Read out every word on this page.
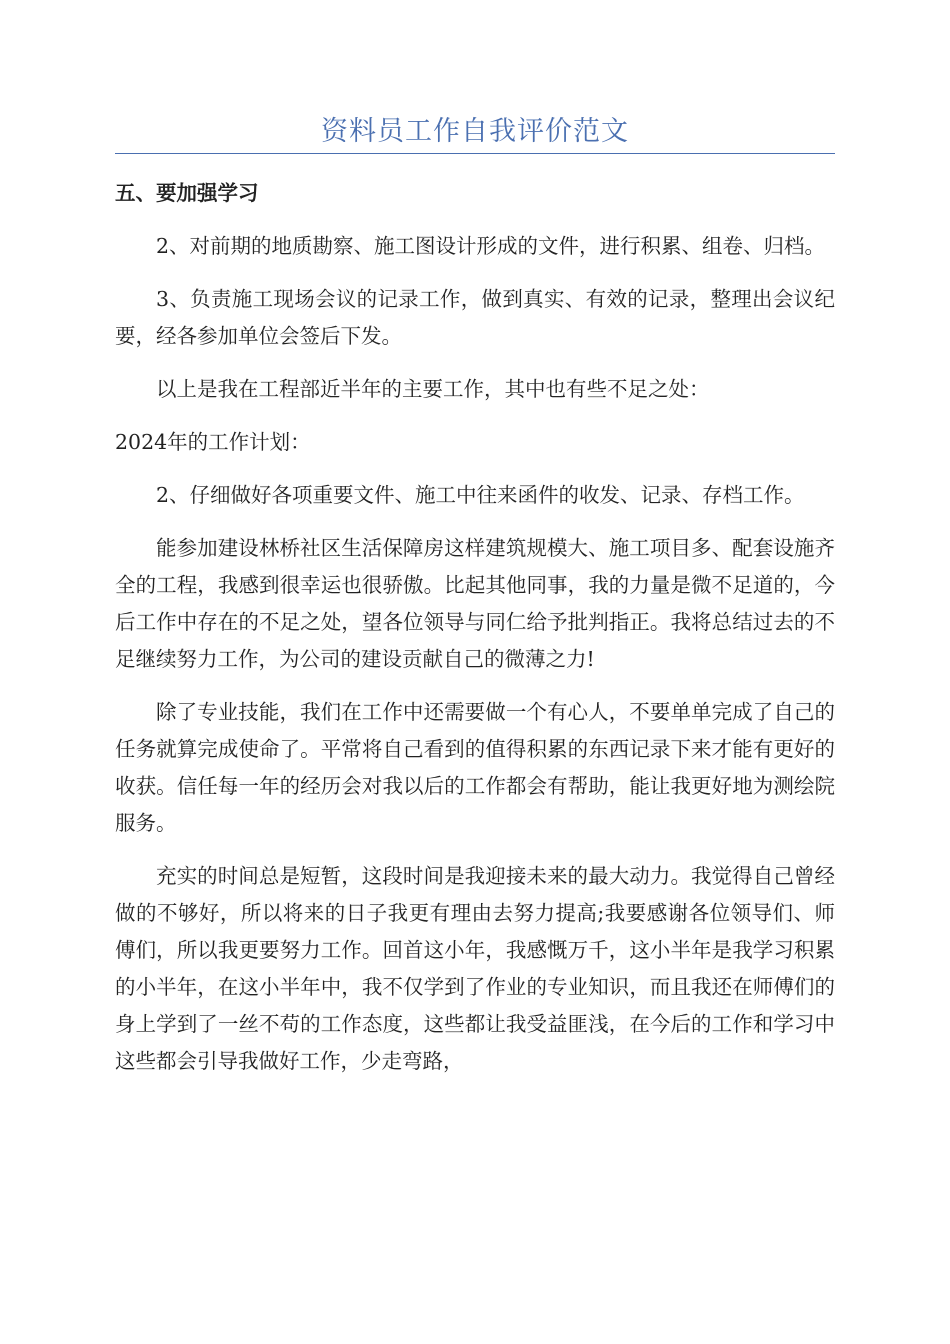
资料员工作自我评价范文

五、要加强学习

2、对前期的地质勘察、施工图设计形成的文件，进行积累、组卷、归档。

3、负责施工现场会议的记录工作，做到真实、有效的记录，整理出会议纪要，经各参加单位会签后下发。

以上是我在工程部近半年的主要工作，其中也有些不足之处：

2024年的工作计划：

2、仔细做好各项重要文件、施工中往来函件的收发、记录、存档工作。

能参加建设林桥社区生活保障房这样建筑规模大、施工项目多、配套设施齐全的工程，我感到很幸运也很骄傲。比起其他同事，我的力量是微不足道的，今后工作中存在的不足之处，望各位领导与同仁给予批判指正。我将总结过去的不足继续努力工作，为公司的建设贡献自己的微薄之力!

除了专业技能，我们在工作中还需要做一个有心人，不要单单完成了自己的任务就算完成使命了。平常将自己看到的值得积累的东西记录下来才能有更好的收获。信任每一年的经历会对我以后的工作都会有帮助，能让我更好地为测绘院服务。

充实的时间总是短暂，这段时间是我迎接未来的最大动力。我觉得自己曾经做的不够好，所以将来的日子我更有理由去努力提高;我要感谢各位领导们、师傅们，所以我更要努力工作。回首这小年，我感慨万千，这小半年是我学习积累的小半年，在这小半年中，我不仅学到了作业的专业知识，而且我还在师傅们的身上学到了一丝不苟的工作态度，这些都让我受益匪浅，在今后的工作和学习中这些都会引导我做好工作，少走弯路，
